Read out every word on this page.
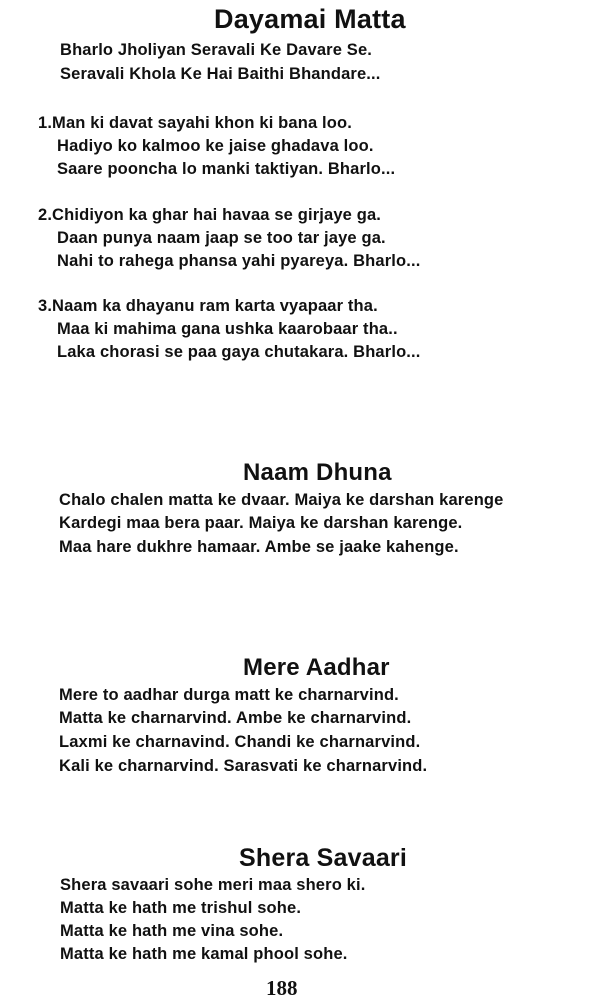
Dayamai Matta

Bharlo Jholiyan Seravali Ke Davare Se.

Seravali Khola Ke Hai Baithi Bhandare...

1.Man ki davat sayahi khon ki bana loo.

Hadiyo ko kalmoo ke jaise ghadava loo.

Saare pooncha lo manki taktiyan. Bharlo...

2.Chidiyon ka ghar hai havaa se girjaye ga.

Daan punya naam jaap se too tar jaye ga.

Nahi to rahega phansa yahi pyareya. Bharlo...

3.Naam ka dhayanu ram karta vyapaar tha.

Maa ki mahima gana ushka kaarobaar tha..

Laka chorasi se paa gaya chutakara. Bharlo...

Naam Dhuna

Chalo chalen matta ke dvaar. Maiya ke darshan karenge

Kardegi maa bera paar. Maiya ke darshan karenge.

Maa hare dukhre hamaar. Ambe se jaake kahenge.

Mere Aadhar

Mere to aadhar durga matt ke charnarvind.

Matta ke charnarvind. Ambe ke charnarvind.

Laxmi ke charnavind. Chandi ke charnarvind.

Kali ke charnarvind. Sarasvati ke charnarvind.

Shera Savaari

Shera savaari sohe meri maa shero ki.

Matta ke hath me trishul sohe.

Matta ke hath me vina sohe.

Matta ke hath me kamal phool sohe.

188
